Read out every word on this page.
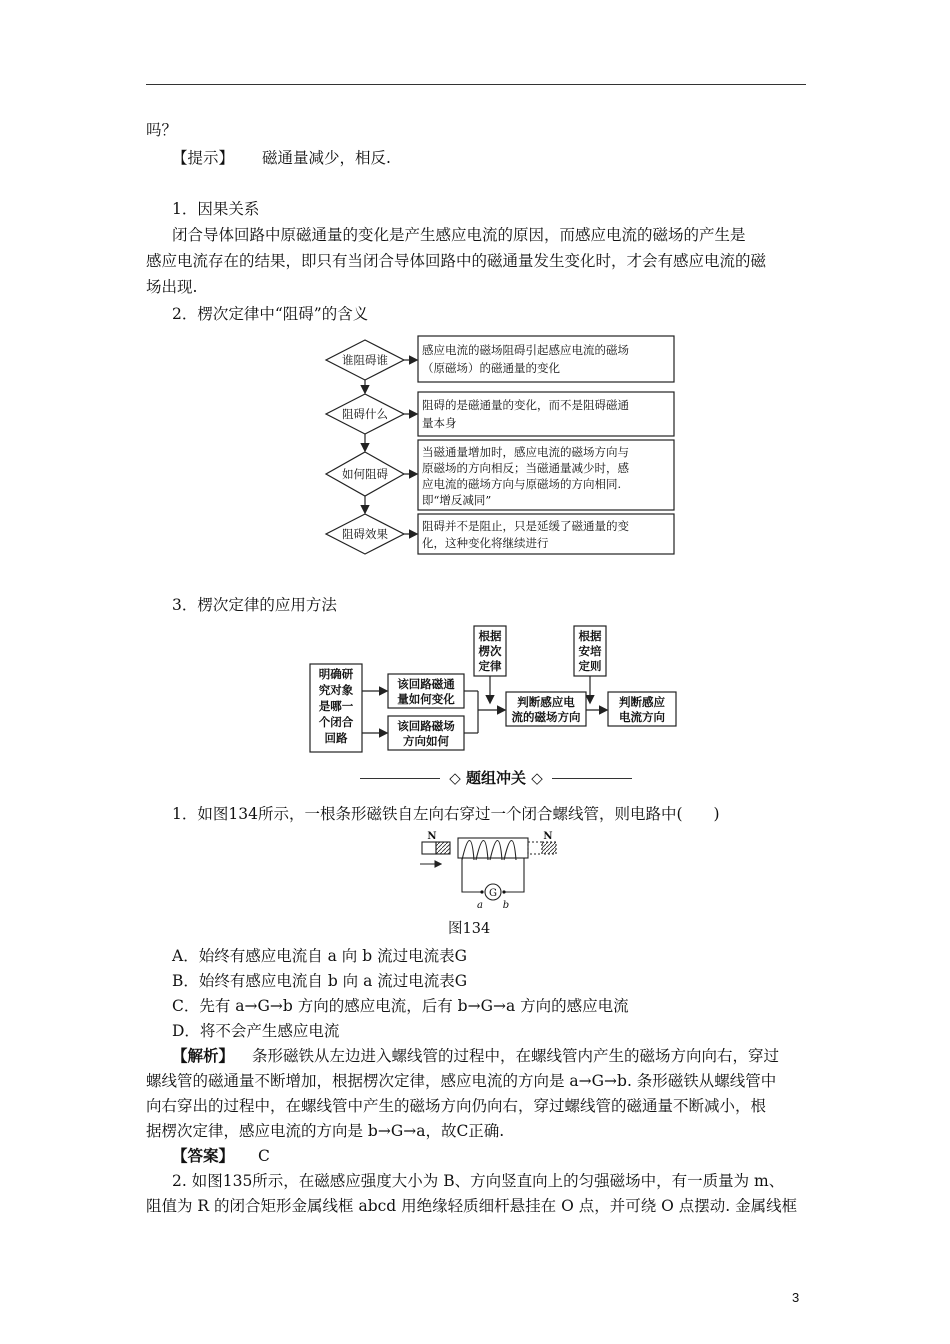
吗？
【提示】 磁通量减少，相反.
1．因果关系
闭合导体回路中原磁通量的变化是产生感应电流的原因，而感应电流的磁场的产生是
感应电流存在的结果，即只有当闭合导体回路中的磁通量发生变化时，才会有感应电流的磁
场出现.
2．楞次定律中“阻碍”的含义
谁阻碍谁
阻碍什么
如何阻碍
阻碍效果
感应电流的磁场阻碍引起感应电流的磁场
（原磁场）的磁通量的变化
阻碍的是磁通量的变化，而不是阻碍磁通
量本身
当磁通量增加时，感应电流的磁场方向与
原磁场的方向相反；当磁通量减少时，感
应电流的磁场方向与原磁场的方向相同.
即“增反减同”
阻碍并不是阻止，只是延缓了磁通量的变
化，这种变化将继续进行
3．楞次定律的应用方法
明确研
究对象
是哪一
个闭合
回路
该回路磁通
量如何变化
该回路磁场
方向如何
根据
楞次
定律
判断感应电
流的磁场方向
根据
安培
定则
判断感应
电流方向
◇ 题组冲关 ◇
1．如图134所示，一根条形磁铁自左向右穿过一个闭合螺线管，则电路中(　　)
N	N
G
a b
图134
A．始终有感应电流自 a 向 b 流过电流表G
B．始终有感应电流自 b 向 a 流过电流表G
C．先有 a→G→b 方向的感应电流，后有 b→G→a 方向的感应电流
D．将不会产生感应电流
【解析】 条形磁铁从左边进入螺线管的过程中，在螺线管内产生的磁场方向向右，穿过
螺线管的磁通量不断增加，根据楞次定律，感应电流的方向是 a→G→b. 条形磁铁从螺线管中
向右穿出的过程中，在螺线管中产生的磁场方向仍向右，穿过螺线管的磁通量不断减小，根
据楞次定律，感应电流的方向是 b→G→a，故C正确.
【答案】 C
2. 如图135所示，在磁感应强度大小为 B、方向竖直向上的匀强磁场中，有一质量为 m、
阻值为 R 的闭合矩形金属线框 abcd 用绝缘轻质细杆悬挂在 O 点，并可绕 O 点摆动. 金属线框
3
